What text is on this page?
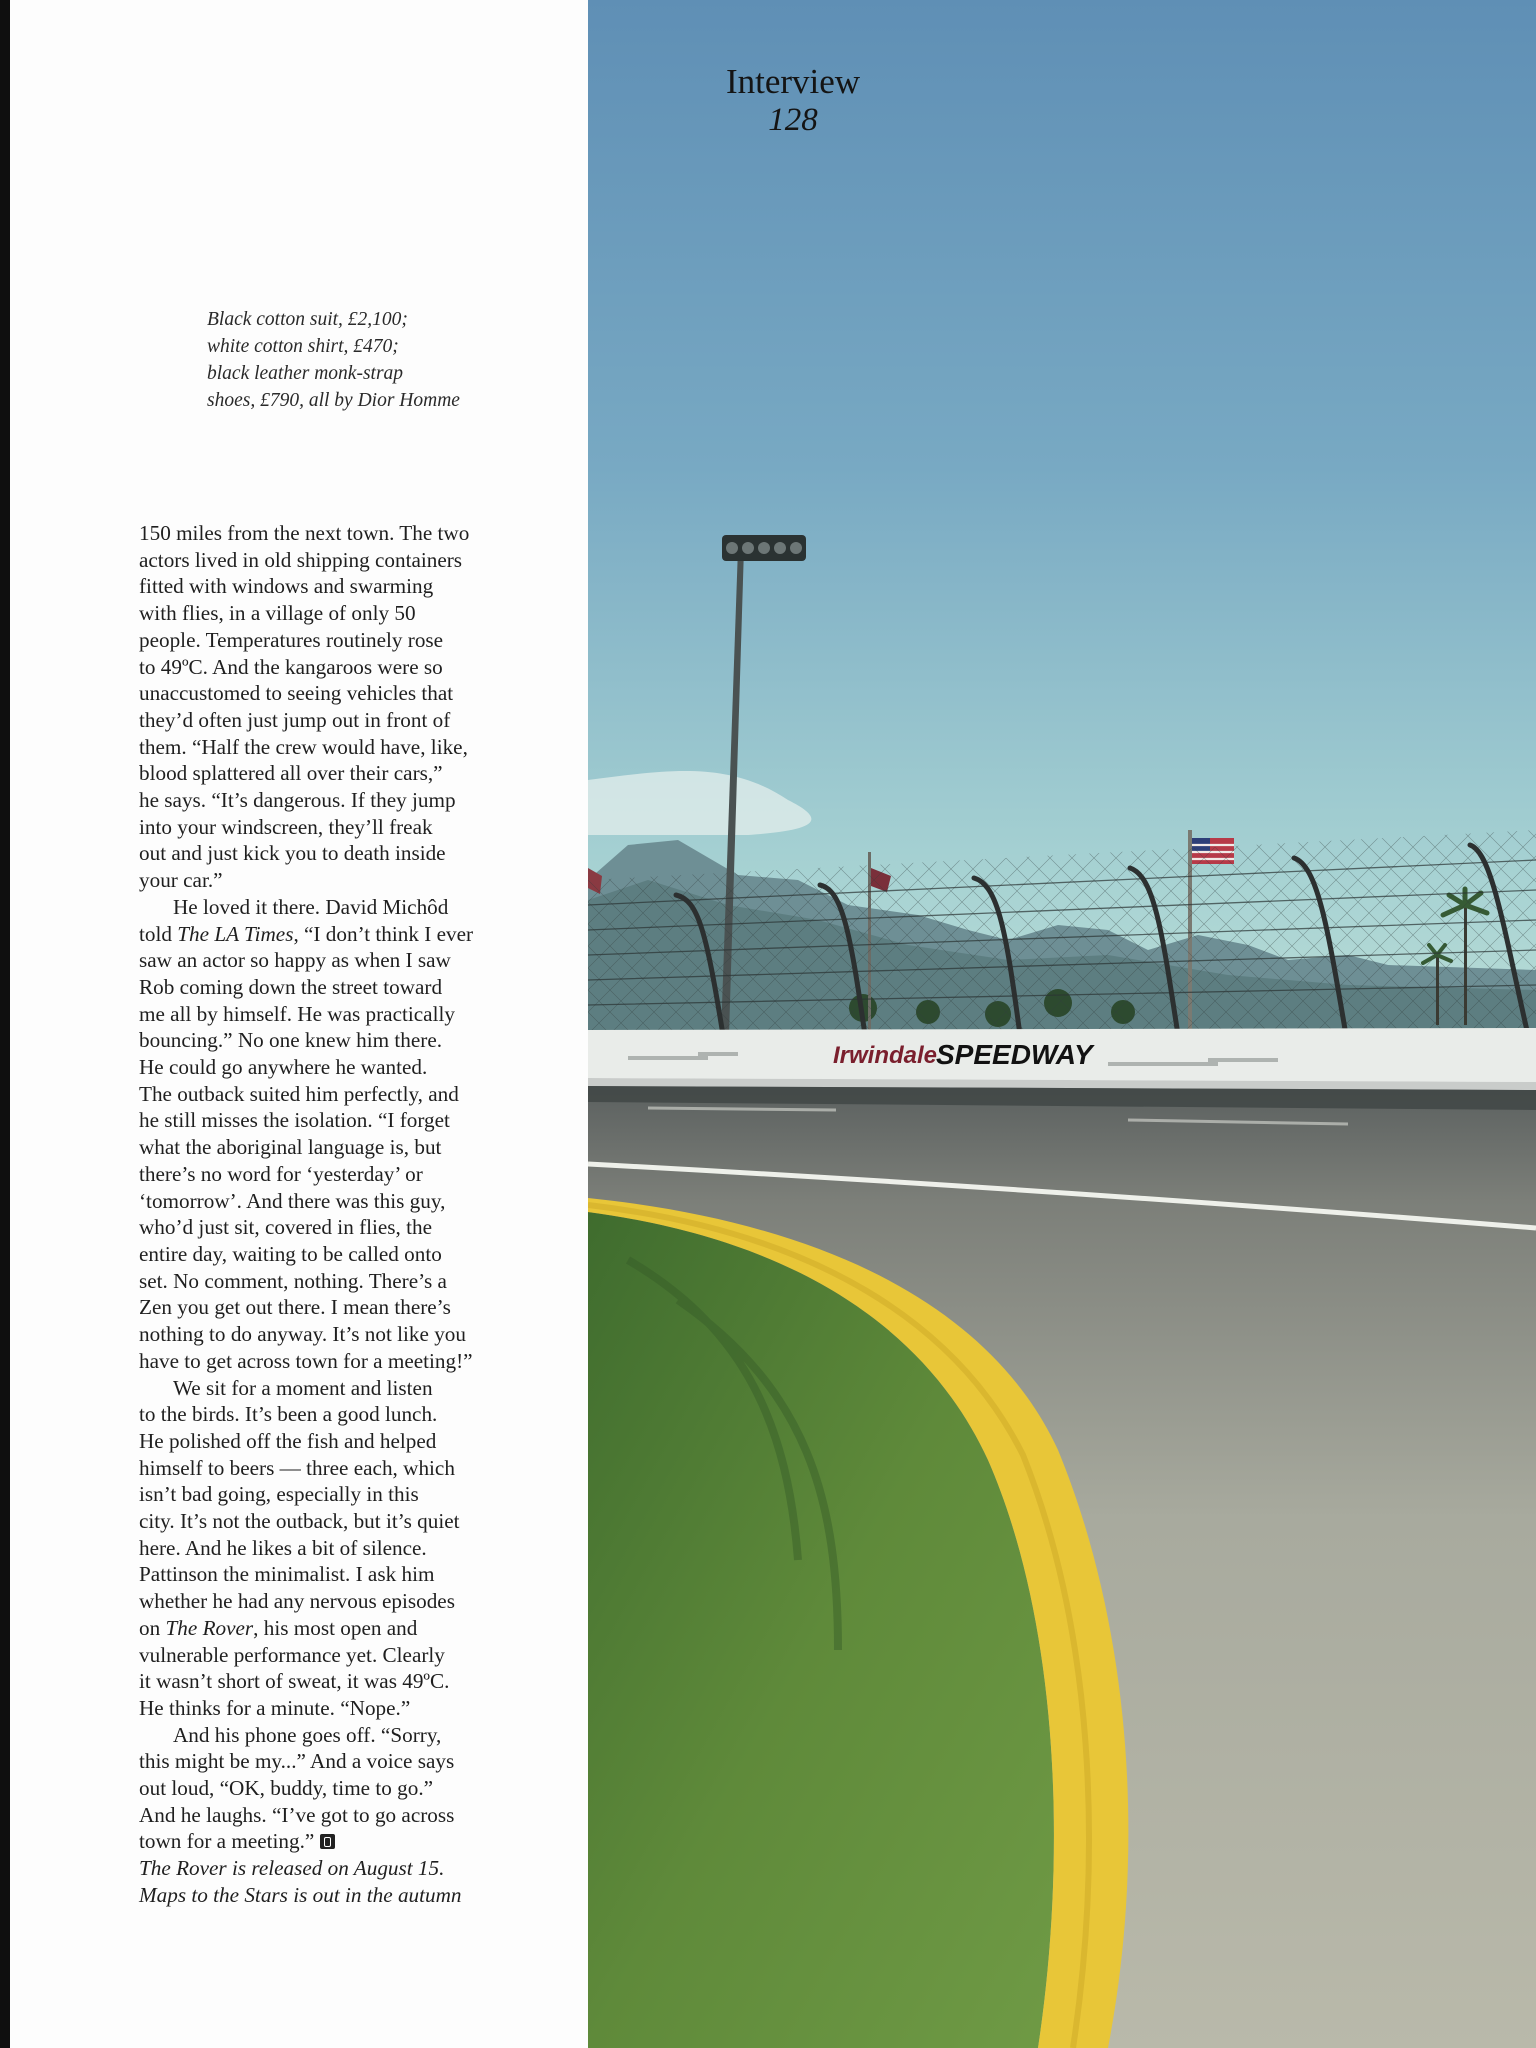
Black cotton suit, £2,100;
white cotton shirt, £470;
black leather monk-strap
shoes, £790, all by Dior Homme
150 miles from the next town. The two
actors lived in old shipping containers
fitted with windows and swarming
with flies, in a village of only 50
people. Temperatures routinely rose
to 49ºC. And the kangaroos were so
unaccustomed to seeing vehicles that
they’d often just jump out in front of
them. “Half the crew would have, like,
blood splattered all over their cars,”
he says. “It’s dangerous. If they jump
into your windscreen, they’ll freak
out and just kick you to death inside
your car.”
He loved it there. David Michôd
told The LA Times, “I don’t think I ever
saw an actor so happy as when I saw
Rob coming down the street toward
me all by himself. He was practically
bouncing.” No one knew him there.
He could go anywhere he wanted.
The outback suited him perfectly, and
he still misses the isolation. “I forget
what the aboriginal language is, but
there’s no word for ‘yesterday’ or
‘tomorrow’. And there was this guy,
who’d just sit, covered in flies, the
entire day, waiting to be called onto
set. No comment, nothing. There’s a
Zen you get out there. I mean there’s
nothing to do anyway. It’s not like you
have to get across town for a meeting!”
We sit for a moment and listen
to the birds. It’s been a good lunch.
He polished off the fish and helped
himself to beers — three each, which
isn’t bad going, especially in this
city. It’s not the outback, but it’s quiet
here. And he likes a bit of silence.
Pattinson the minimalist. I ask him
whether he had any nervous episodes
on The Rover, his most open and
vulnerable performance yet. Clearly
it wasn’t short of sweat, it was 49ºC.
He thinks for a minute. “Nope.”
And his phone goes off. “Sorry,
this might be my...” And a voice says
out loud, “OK, buddy, time to go.”
And he laughs. “I’ve got to go across
town for a meeting.”
The Rover is released on August 15.
Maps to the Stars is out in the autumn
Irwindale
SPEEDWAY
Interview
128
